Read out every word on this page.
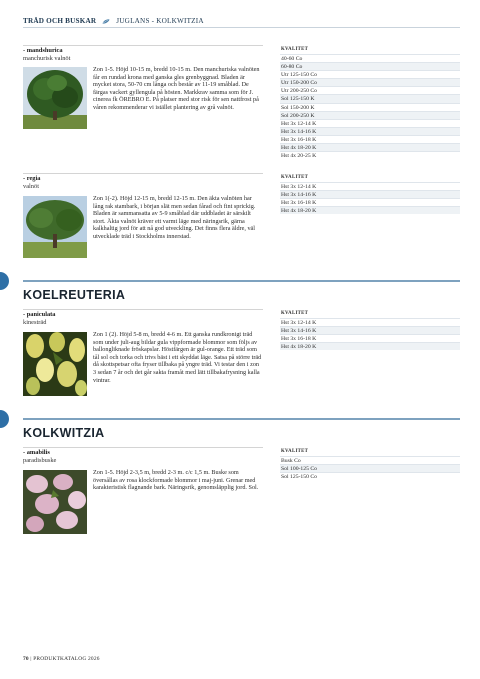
TRÄD OCH BUSKAR	JUGLANS - KOLKWITZIA
- mandshurica
manchurisk valnöt
Zon 1-5. Höjd 10-15 m, bredd 10-15 m. Den manchuriska valnöten får en rundad krona med ganska gles grenbyggnad. Bladen är mycket stora, 50-70 cm långa och består av 11-19 småblad. De färgas vackert gyllengula på hösten. Markkrav samma som för J. cinerea fk ÖREBRO E. På platser med stor risk för sen nattfrost på våren rekommenderar vi istället plantering av grå valnöt.
KVALITET
40-60 Co
60-80 Co
Utr 125-150 Co
Utr 150-200 Co
Utr 200-250 Co
Sol 125-150 K
Sol 150-200 K
Sol 200-250 K
Hst 3x 12-14 K
Hst 3x 14-16 K
Hst 3x 16-18 K
Hst 4x 18-20 K
Hst 4x 20-25 K
- regia
valnöt
Zon 1(-2). Höjd 12-15 m, bredd 12-15 m. Den äkta valnöten har lång rak stambark, i början slät men sedan fårad och fint sprickig. Bladen är sammansatta av 5-9 småblad där uddbladet är särskilt stort. Äkta valnöt kräver ett varmt läge med näringsrik, gärna kalkhaltig jord för att nå god utveckling. Det finns flera äldre, väl utvecklade träd i Stockholms innerstad.
KVALITET
Hst 3x 12-14 K
Hst 3x 14-16 K
Hst 3x 16-18 K
Hst 4x 18-20 K
KOELREUTERIA
- paniculata
kinesträd
Zon 1 (2). Höjd 5-8 m, bredd 4-6 m. Ett ganska rundkronigt träd som under juli-aug bildar gula vippformade blommor som följs av ballongliknade fröskapslar. Höstfärgen är gul-orange. Ett träd som tål sol och torka och trivs bäst i ett skyddat läge. Satsa på större träd då skottspetsar ofta fryser tillbaka på yngre träd. Vi testar den i zon 3 sedan 7 år och det går sakta framåt med lätt tillbakafrysning kalla vintrar.
KVALITET
Hst 3x 12-14 K
Hst 3x 14-16 K
Hst 3x 16-18 K
Hst 4x 18-20 K
KOLKWITZIA
- amabilis
paradisbuske
Zon 1-5. Höjd 2-3,5 m, bredd 2-3 m. c/c 1,5 m. Buske som översållas av rosa klockformade blommor i maj-juni. Grenar med karakteristisk flagnande bark. Näringsrik, genomsläpplig jord. Sol.
KVALITET
Busk Co
Sol 100-125 Co
Sol 125-150 Co
70 | PRODUKTKATALOG 2026
